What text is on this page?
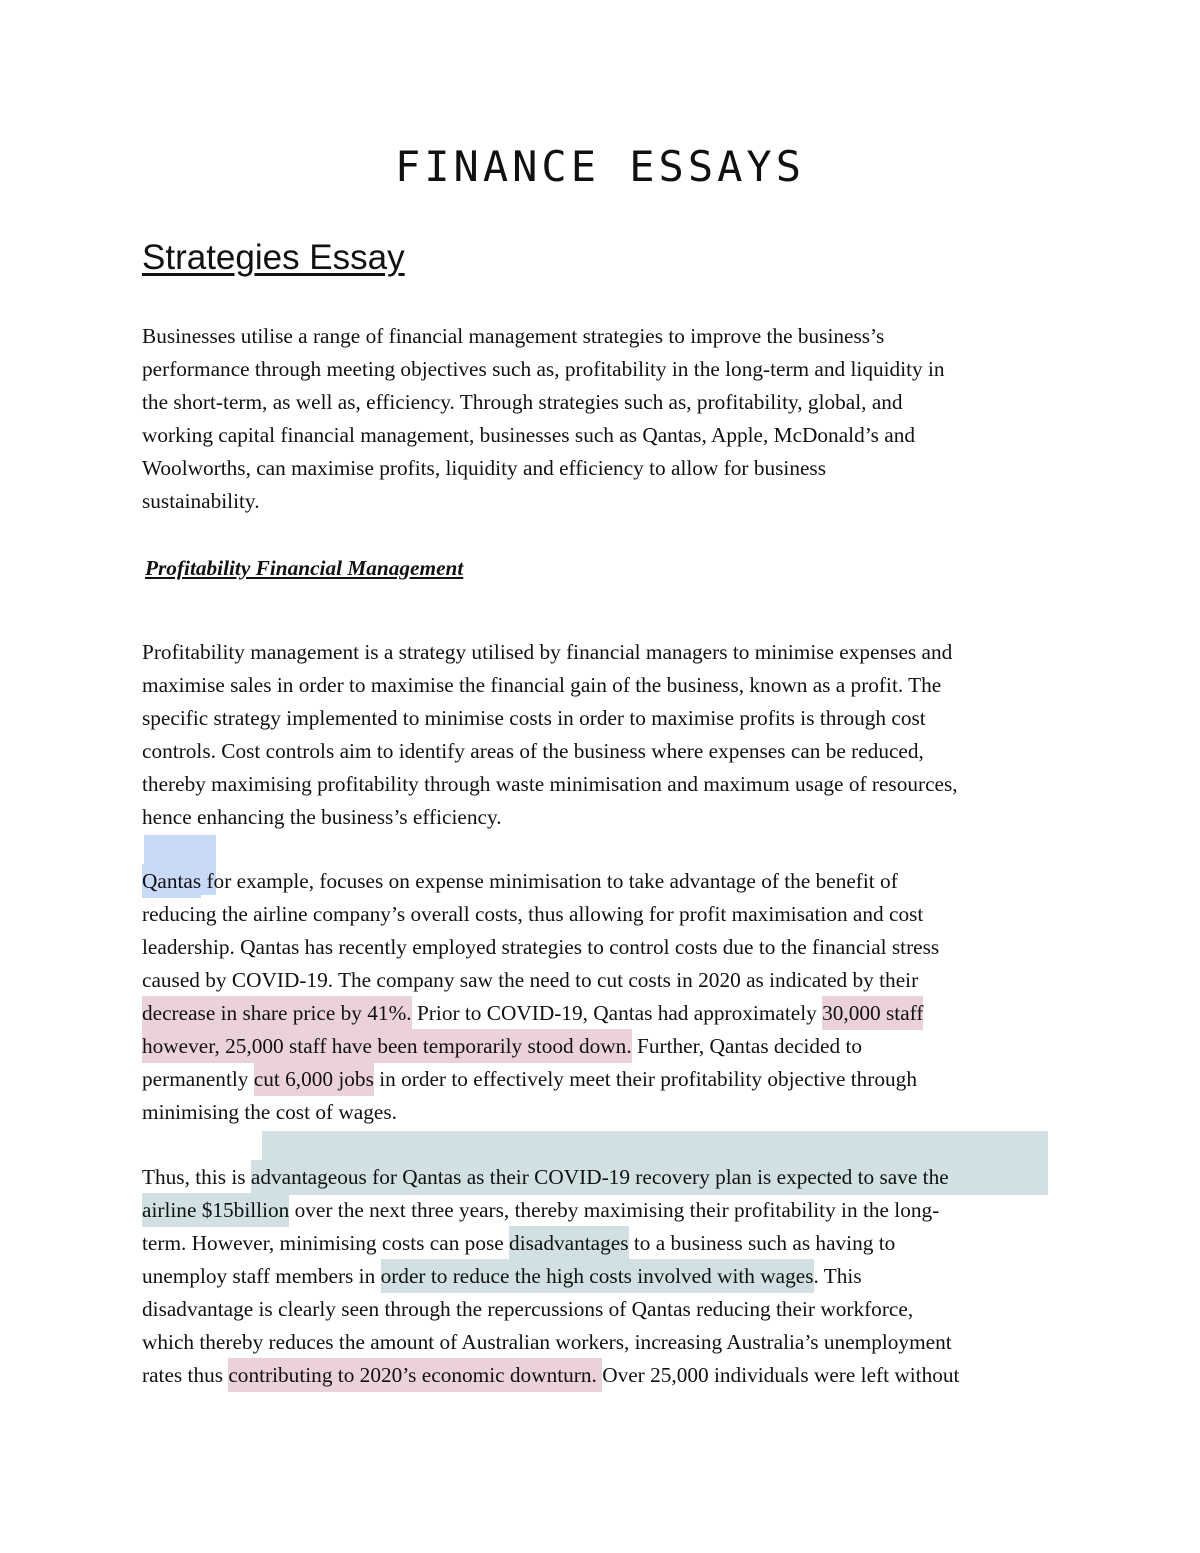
FINANCE ESSAYS
Strategies Essay

Businesses utilise a range of financial management strategies to improve the business’s
performance through meeting objectives such as, profitability in the long-term and liquidity in
the short-term, as well as, efficiency. Through strategies such as, profitability, global, and
working capital financial management, businesses such as Qantas, Apple, McDonald’s and
Woolworths, can maximise profits, liquidity and efficiency to allow for business
sustainability.

Profitability Financial Management

Profitability management is a strategy utilised by financial managers to minimise expenses and
maximise sales in order to maximise the financial gain of the business, known as a profit. The
specific strategy implemented to minimise costs in order to maximise profits is through cost
controls. Cost controls aim to identify areas of the business where expenses can be reduced,
thereby maximising profitability through waste minimisation and maximum usage of resources,
hence enhancing the business’s efficiency.

Qantas for example, focuses on expense minimisation to take advantage of the benefit of
reducing the airline company’s overall costs, thus allowing for profit maximisation and cost
leadership. Qantas has recently employed strategies to control costs due to the financial stress
caused by COVID-19. The company saw the need to cut costs in 2020 as indicated by their
decrease in share price by 41%. Prior to COVID-19, Qantas had approximately 30,000 staff
however, 25,000 staff have been temporarily stood down. Further, Qantas decided to
permanently cut 6,000 jobs in order to effectively meet their profitability objective through
minimising the cost of wages.

Thus, this is advantageous for Qantas as their COVID-19 recovery plan is expected to save the
airline $15billion over the next three years, thereby maximising their profitability in the long-
term. However, minimising costs can pose disadvantages to a business such as having to
unemploy staff members in order to reduce the high costs involved with wages. This
disadvantage is clearly seen through the repercussions of Qantas reducing their workforce,
which thereby reduces the amount of Australian workers, increasing Australia’s unemployment
rates thus contributing to 2020’s economic downturn. Over 25,000 individuals were left without
